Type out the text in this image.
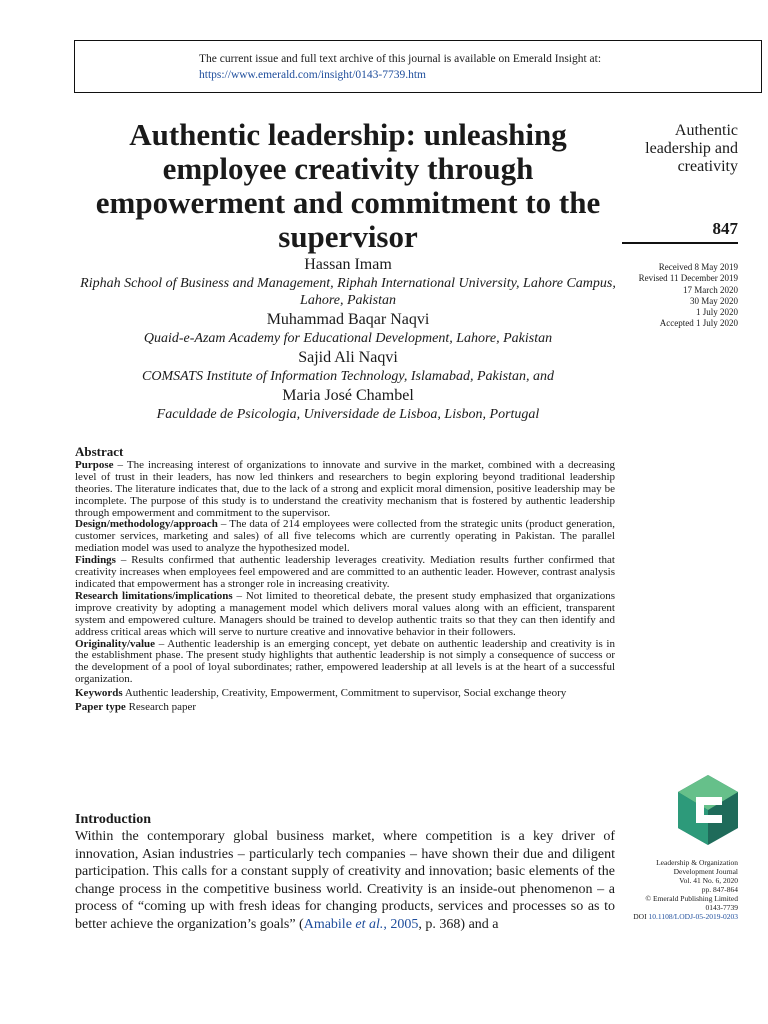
The current issue and full text archive of this journal is available on Emerald Insight at:
https://www.emerald.com/insight/0143-7739.htm
Authentic leadership: unleashing employee creativity through empowerment and commitment to the supervisor
Authentic
leadership and
creativity
847
Received 8 May 2019
Revised 11 December 2019
17 March 2020
30 May 2020
1 July 2020
Accepted 1 July 2020
Hassan Imam
Riphah School of Business and Management, Riphah International University, Lahore Campus, Lahore, Pakistan
Muhammad Baqar Naqvi
Quaid-e-Azam Academy for Educational Development, Lahore, Pakistan
Sajid Ali Naqvi
COMSATS Institute of Information Technology, Islamabad, Pakistan, and
Maria José Chambel
Faculdade de Psicologia, Universidade de Lisboa, Lisbon, Portugal
Abstract

Purpose – The increasing interest of organizations to innovate and survive in the market, combined with a decreasing level of trust in their leaders, has now led thinkers and researchers to begin exploring beyond traditional leadership theories. The literature indicates that, due to the lack of a strong and explicit moral dimension, positive leadership may be incomplete. The purpose of this study is to understand the creativity mechanism that is fostered by authentic leadership through empowerment and commitment to the supervisor.

Design/methodology/approach – The data of 214 employees were collected from the strategic units (product generation, customer services, marketing and sales) of all five telecoms which are currently operating in Pakistan. The parallel mediation model was used to analyze the hypothesized model.

Findings – Results confirmed that authentic leadership leverages creativity. Mediation results further confirmed that creativity increases when employees feel empowered and are committed to an authentic leader. However, contrast analysis indicated that empowerment has a stronger role in increasing creativity.

Research limitations/implications – Not limited to theoretical debate, the present study emphasized that organizations improve creativity by adopting a management model which delivers moral values along with an efficient, transparent system and empowered culture. Managers should be trained to develop authentic traits so that they can then identify and address critical areas which will serve to nurture creative and innovative behavior in their followers.

Originality/value – Authentic leadership is an emerging concept, yet debate on authentic leadership and creativity is in the establishment phase. The present study highlights that authentic leadership is not simply a consequence of success or the development of a pool of loyal subordinates; rather, empowered leadership at all levels is at the heart of a successful organization.

Keywords Authentic leadership, Creativity, Empowerment, Commitment to supervisor, Social exchange theory

Paper type Research paper

Introduction

Within the contemporary global business market, where competition is a key driver of innovation, Asian industries – particularly tech companies – have shown their due and diligent participation. This calls for a constant supply of creativity and innovation; basic elements of the change process in the competitive business world. Creativity is an inside-out phenomenon – a process of “coming up with fresh ideas for changing products, services and processes so as to better achieve the organization’s goals” (Amabile et al., 2005, p. 368) and a

Leadership & Organization
Development Journal
Vol. 41 No. 6, 2020
pp. 847-864
© Emerald Publishing Limited
0143-7739
DOI 10.1108/LODJ-05-2019-0203
